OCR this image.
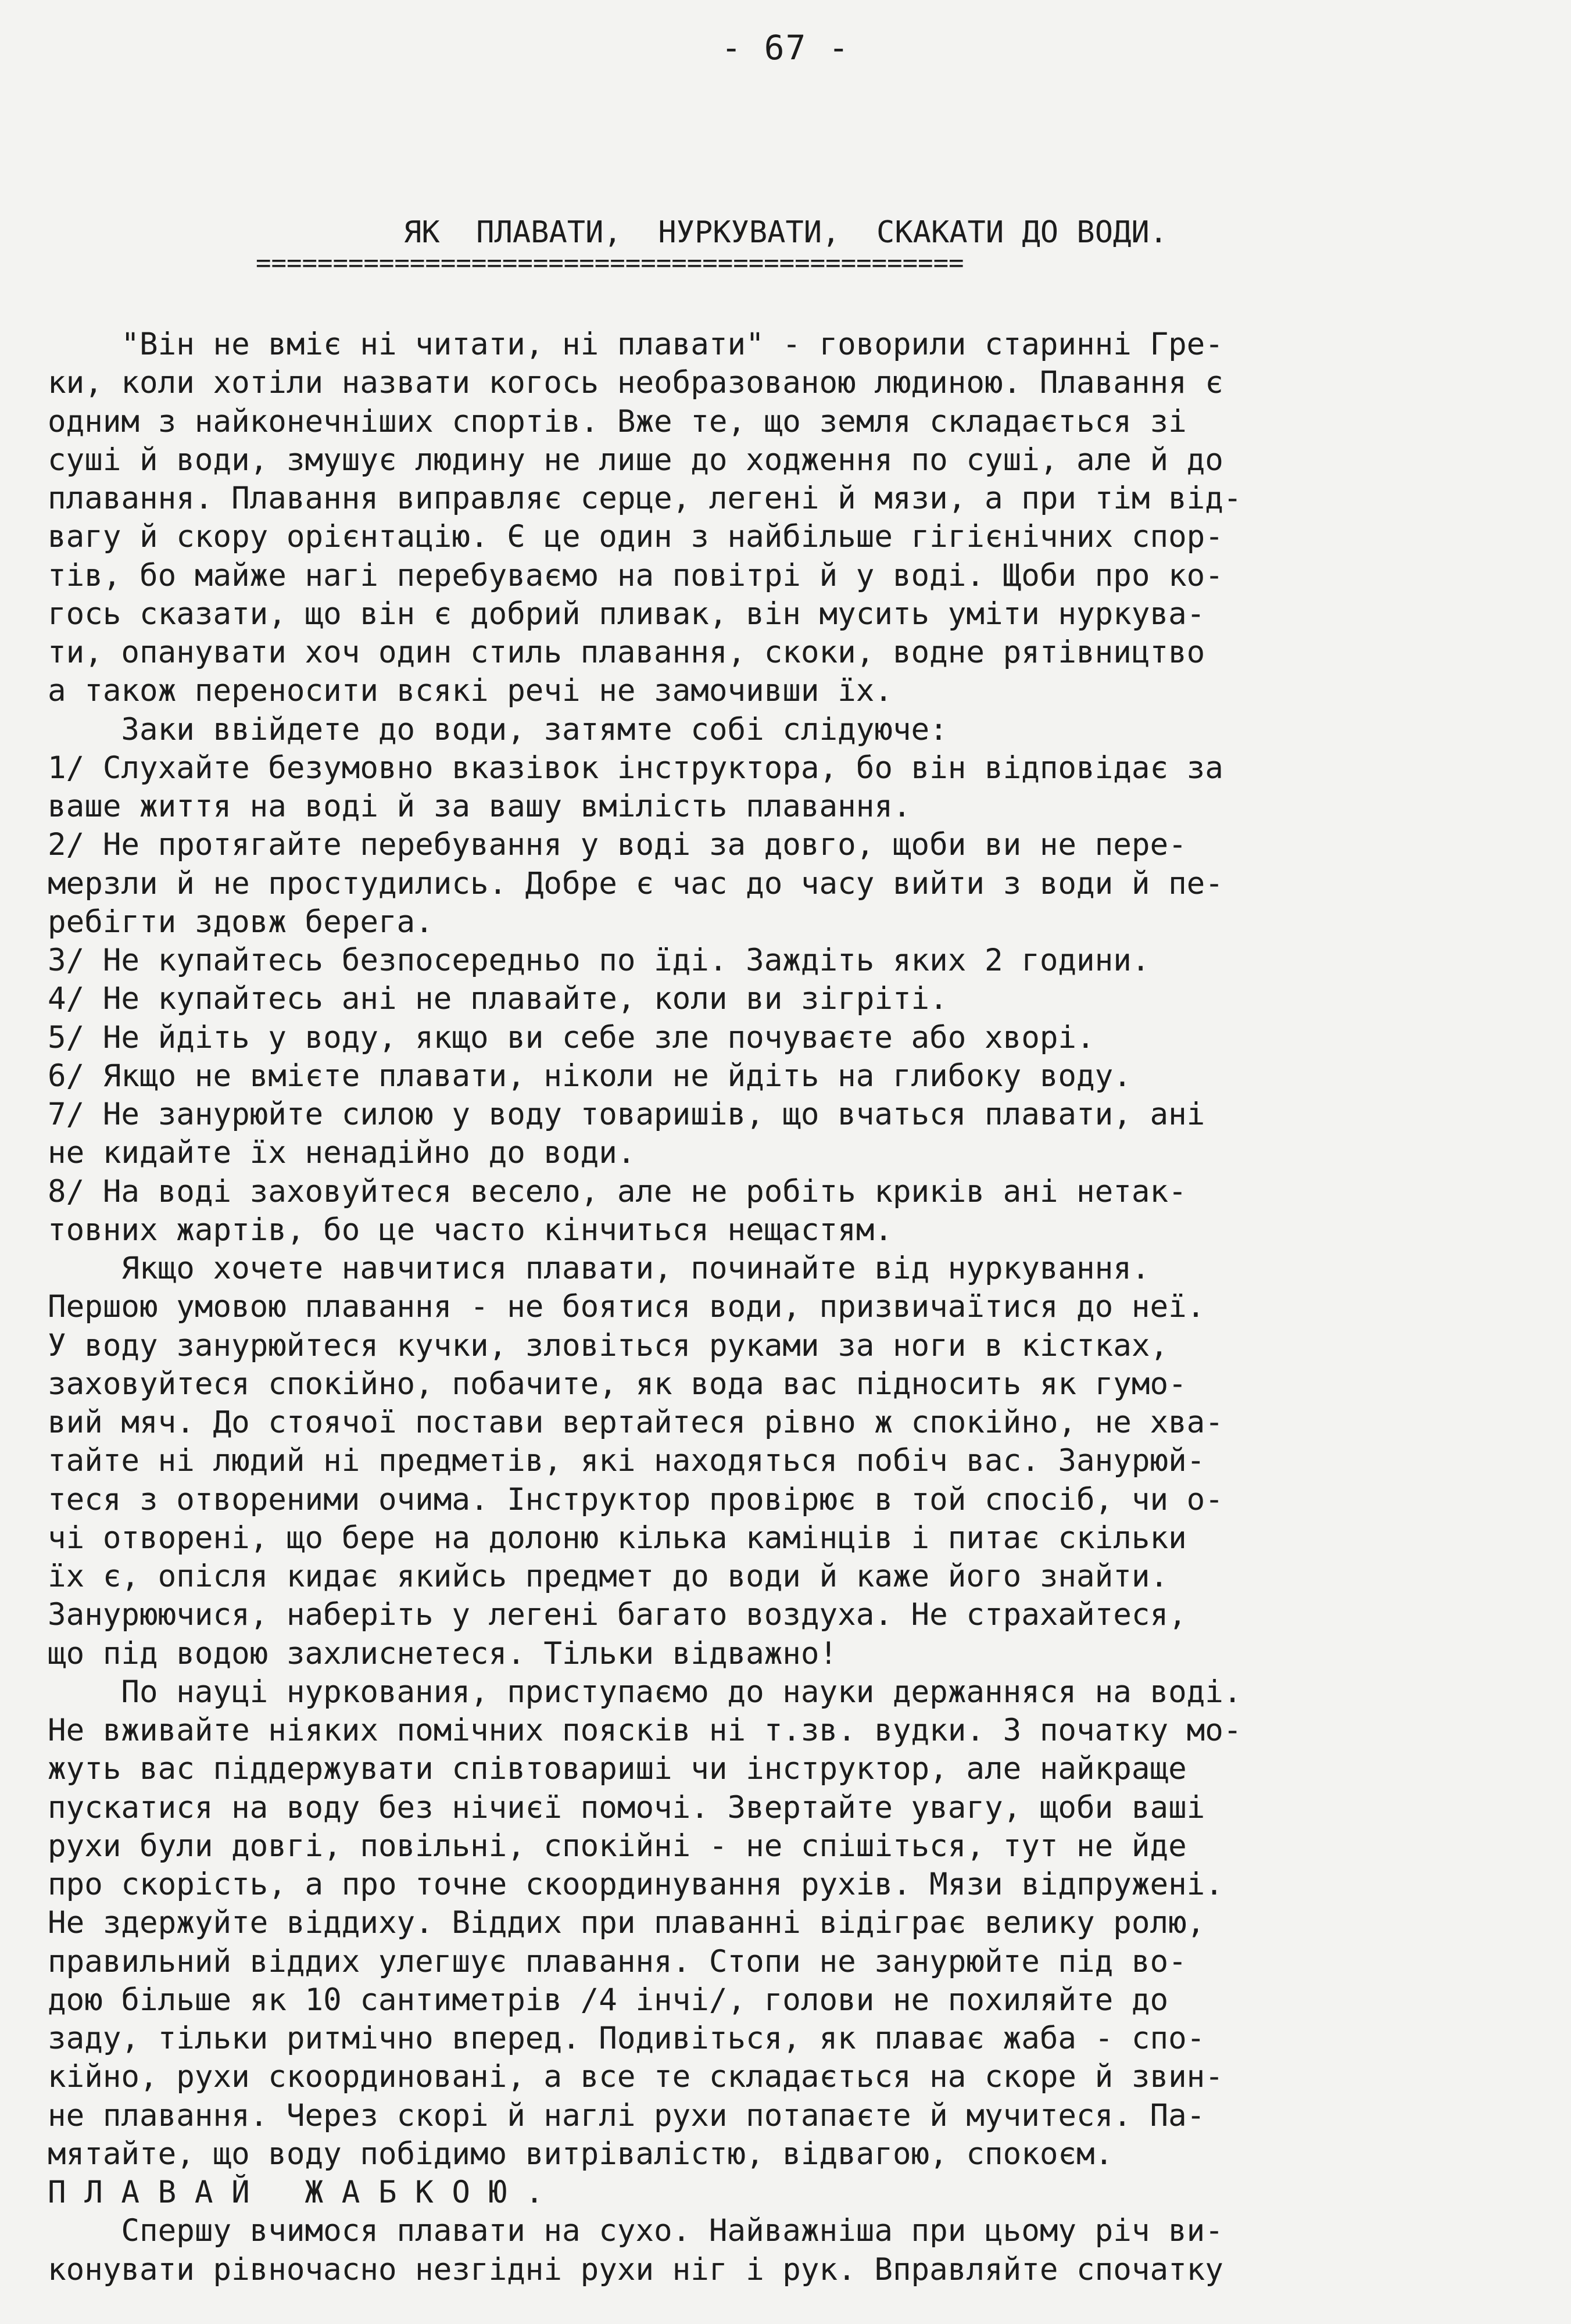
- 67 -
ЯК  ПЛАВАТИ,  НУРКУВАТИ,  СКАКАТИ ДО ВОДИ.
==============================================
"Він не вміє ні читати, ні плавати" - говорили старинні Гре-
ки, коли хотіли назвати когось необразованою людиною. Плавання є
одним з найконечніших спортів. Вже те, що земля складається зі
суші й води, змушує людину не лише до ходження по суші, але й до
плавання. Плавання виправляє серце, легені й мязи, а при тім від-
вагу й скору орієнтацію. Є це один з найбільше гігієнічних спор-
тів, бо майже нагі перебуваємо на повітрі й у воді. Щоби про ко-
гось сказати, що він є добрий пливак, він мусить уміти нуркува-
ти, опанувати хоч один стиль плавання, скоки, водне рятівництво
а також переносити всякі речі не замочивши їх.
Заки ввійдете до води, затямте собі слідуюче:
1/ Слухайте безумовно вказівок інструктора, бо він відповідає за
ваше життя на воді й за вашу вмілість плавання.
2/ Не протягайте перебування у воді за довго, щоби ви не пере-
мерзли й не простудились. Добре є час до часу вийти з води й пе-
ребігти здовж берега.
3/ Не купайтесь безпосередньо по їді. Заждіть яких 2 години.
4/ Не купайтесь ані не плавайте, коли ви зігріті.
5/ Не йдіть у воду, якщо ви себе зле почуваєте або хворі.
6/ Якщо не вмієте плавати, ніколи не йдіть на глибоку воду.
7/ Не занурюйте силою у воду товаришів, що вчаться плавати, ані
не кидайте їх ненадійно до води.
8/ На воді заховуйтеся весело, але не робіть криків ані нетак-
товних жартів, бо це часто кінчиться нещастям.
Якщо хочете навчитися плавати, починайте від нуркування.
Першою умовою плавання - не боятися води, призвичаїтися до неї.
У воду занурюйтеся кучки, зловіться руками за ноги в кістках,
заховуйтеся спокійно, побачите, як вода вас підносить як гумо-
вий мяч. До стоячої постави вертайтеся рівно ж спокійно, не хва-
тайте ні людий ні предметів, які находяться побіч вас. Занурюй-
теся з отвореними очима. Інструктор провірює в той спосіб, чи о-
чі отворені, що бере на долоню кілька камінців і питає скільки
їх є, опісля кидає якийсь предмет до води й каже його знайти.
Занурюючися, наберіть у легені багато воздуха. Не страхайтеся,
що під водою захлиснетеся. Тільки відважно!
По науці нуркования, приступаємо до науки держанняся на воді.
Не вживайте ніяких помічних поясків ні т.зв. вудки. З початку мо-
жуть вас піддержувати співтовариші чи інструктор, але найкраще
пускатися на воду без нічиєї помочі. Звертайте увагу, щоби ваші
рухи були довгі, повільні, спокійні - не спішіться, тут не йде
про скорість, а про точне скоординування рухів. Мязи відпружені.
Не здержуйте віддиху. Віддих при плаванні відіграє велику ролю,
правильний віддих улегшує плавання. Стопи не занурюйте під во-
дою більше як 10 сантиметрів /4 інчі/, голови не похиляйте до
заду, тільки ритмічно вперед. Подивіться, як плаває жаба - спо-
кійно, рухи скоординовані, а все те складається на скоре й звин-
не плавання. Через скорі й наглі рухи потапаєте й мучитеся. Па-
мятайте, що воду побідимо витрівалістю, відвагою, спокоєм.
П Л А В А Й   Ж А Б К О Ю .
Спершу вчимося плавати на сухо. Найважніша при цьому річ ви-
конувати рівночасно незгідні рухи ніг і рук. Вправляйте спочатку
